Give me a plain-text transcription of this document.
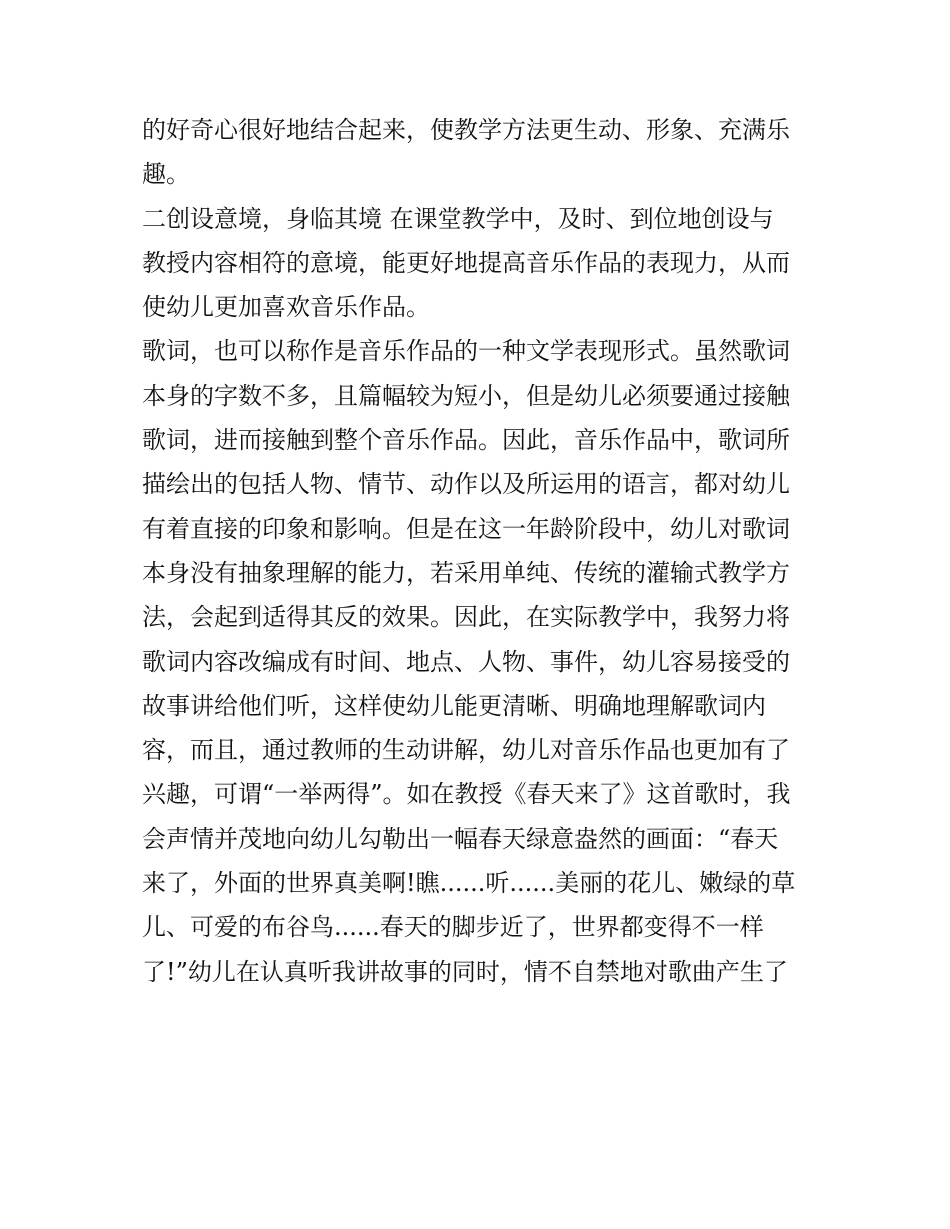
的好奇心很好地结合起来，使教学方法更生动、形象、充满乐
趣。
二创设意境，身临其境 在课堂教学中，及时、到位地创设与
教授内容相符的意境，能更好地提高音乐作品的表现力，从而
使幼儿更加喜欢音乐作品。
歌词，也可以称作是音乐作品的一种文学表现形式。虽然歌词
本身的字数不多，且篇幅较为短小，但是幼儿必须要通过接触
歌词，进而接触到整个音乐作品。因此，音乐作品中，歌词所
描绘出的包括人物、情节、动作以及所运用的语言，都对幼儿
有着直接的印象和影响。但是在这一年龄阶段中，幼儿对歌词
本身没有抽象理解的能力，若采用单纯、传统的灌输式教学方
法，会起到适得其反的效果。因此，在实际教学中，我努力将
歌词内容改编成有时间、地点、人物、事件，幼儿容易接受的
故事讲给他们听，这样使幼儿能更清晰、明确地理解歌词内
容，而且，通过教师的生动讲解，幼儿对音乐作品也更加有了
兴趣，可谓“一举两得”。如在教授《春天来了》这首歌时，我
会声情并茂地向幼儿勾勒出一幅春天绿意盎然的画面：“春天
来了，外面的世界真美啊!瞧......听......美丽的花儿、嫩绿的草
儿、可爱的布谷鸟......春天的脚步近了，世界都变得不一样
了!”幼儿在认真听我讲故事的同时，情不自禁地对歌曲产生了
